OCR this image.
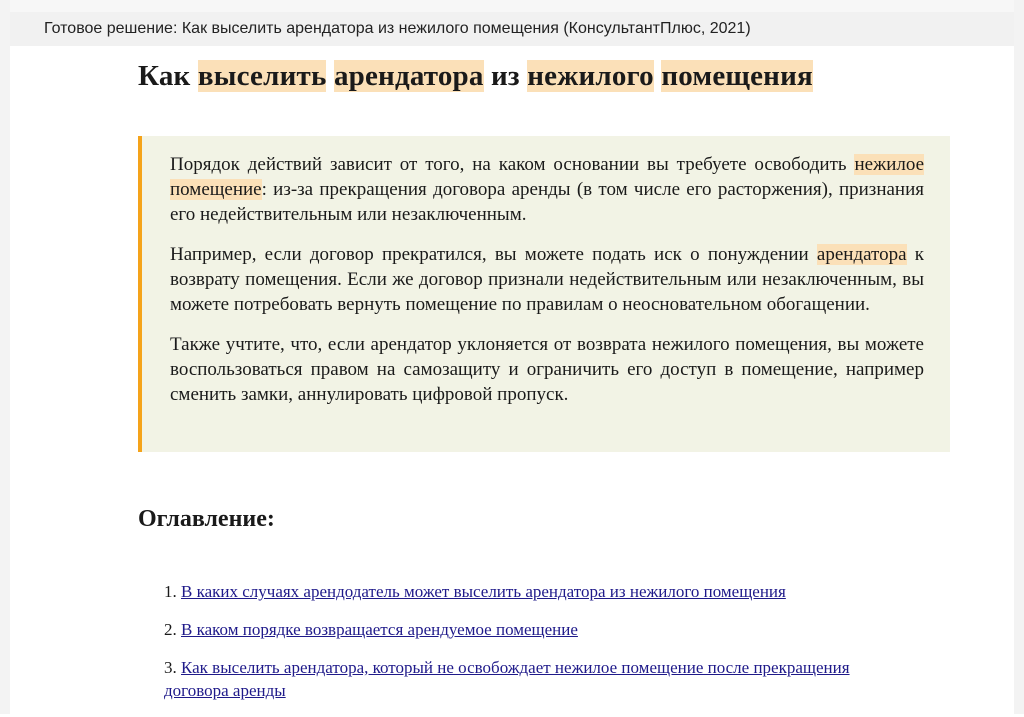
Готовое решение: Как выселить арендатора из нежилого помещения (КонсультантПлюс, 2021)
Как выселить арендатора из нежилого помещения

Порядок действий зависит от того, на каком основании вы требуете освободить нежилое помещение: из-за прекращения договора аренды (в том числе его расторжения), признания его недействительным или незаключенным.

Например, если договор прекратился, вы можете подать иск о понуждении арендатора к возврату помещения. Если же договор признали недействительным или незаключенным, вы можете потребовать вернуть помещение по правилам о неосновательном обогащении.

Также учтите, что, если арендатор уклоняется от возврата нежилого помещения, вы можете воспользоваться правом на самозащиту и ограничить его доступ в помещение, например сменить замки, аннулировать цифровой пропуск.

Оглавление:
1. В каких случаях арендодатель может выселить арендатора из нежилого помещения
2. В каком порядке возвращается арендуемое помещение
3. Как выселить арендатора, который не освобождает нежилое помещение после прекращения договора аренды
